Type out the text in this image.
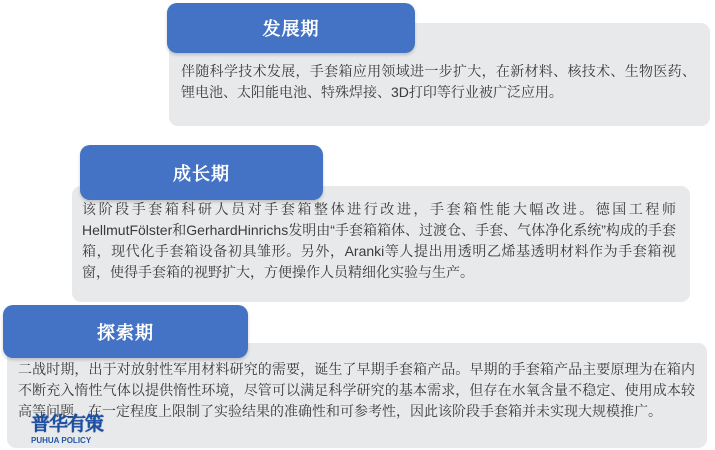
伴随科学技术发展，手套箱应用领域进一步扩大，在新材料、核技术、生物医药、锂电池、太阳能电池、特殊焊接、3D打印等行业被广泛应用。
发展期
该阶段手套箱科研人员对手套箱整体进行改进，手套箱性能大幅改进。德国工程师HellmutFölster和GerhardHinrichs发明由“手套箱箱体、过渡仓、手套、气体净化系统”构成的手套箱，现代化手套箱设备初具雏形。另外，Aranki等人提出用透明乙烯基透明材料作为手套箱视窗，使得手套箱的视野扩大，方便操作人员精细化实验与生产。
成长期
二战时期，出于对放射性军用材料研究的需要，诞生了早期手套箱产品。早期的手套箱产品主要原理为在箱内不断充入惰性气体以提供惰性环境，尽管可以满足科学研究的基本需求，但存在水氧含量不稳定、使用成本较高等问题，在一定程度上限制了实验结果的准确性和可参考性，因此该阶段手套箱并未实现大规模推广。
探索期
普华有策
PUHUA POLICY
